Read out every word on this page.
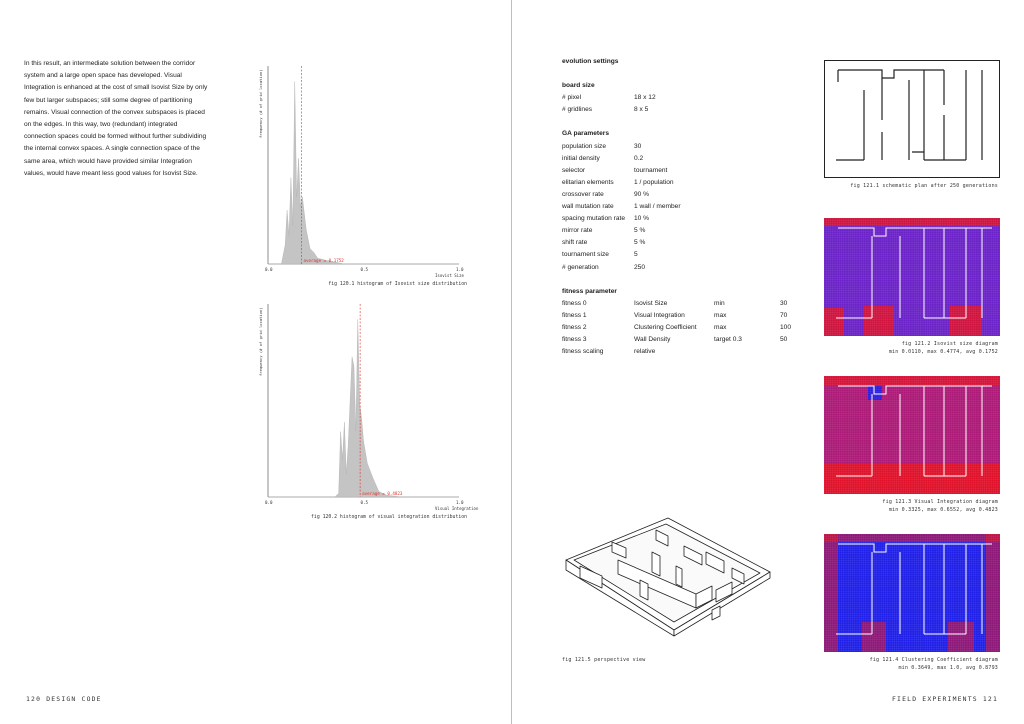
In this result, an intermediate solution between the corridor system and a large open space has developed. Visual Integration is enhanced at the cost of small Isovist Size by only few but larger subspaces; still some degree of partitioning remains. Visual connection of the convex subspaces is placed on the edges. In this way, two (redundant) integrated connection spaces could be formed without further subdividing the internal convex spaces. A single connection space of the same area, which would have provided similar Integration values, would have meant less good values for Isovist Size.
average = 0.1752
0.0	0.5	1.0
Isovist Size
frequency (# of grid location)
fig 120.1 histogram of Isovist size distribution
average = 0.4823
0.0	0.5	1.0
Visual Integration
frequency (# of grid location)
fig 120.2 histogram of visual integration distribution
120 DESIGN CODE	FIELD EXPERIMENTS 121
evolution settings
board size
# pixel	18 x 12
# gridlines	8 x 5
GA parameters
population size	30
initial density	0.2
selector	tournament
elitarian elements	1 / population
crossover rate	90 %
wall mutation rate	1 wall / member
spacing mutation rate 10 %
mirror rate	5 %
shift rate	5 %
tournament size	5
# generation	250
fitness parameter
fitness 0	Isovist Size	min	30
fitness 1	Visual Integration	max	70
fitness 2	Clustering Coefficient	max	100
fitness 3	Wall Density	target 0.3	50
fitness scaling	relative
fig 121.1 schematic plan after 250 generations
fig 121.2 Isovist size diagram
min 0.0110, max 0.4774, avg 0.1752
fig 121.3 Visual Integration diagram
min 0.3325, max 0.6552, avg 0.4823
fig 121.4 Clustering Coefficient diagram
min 0.3649, max 1.0, avg 0.8793
fig 121.5 perspective view
